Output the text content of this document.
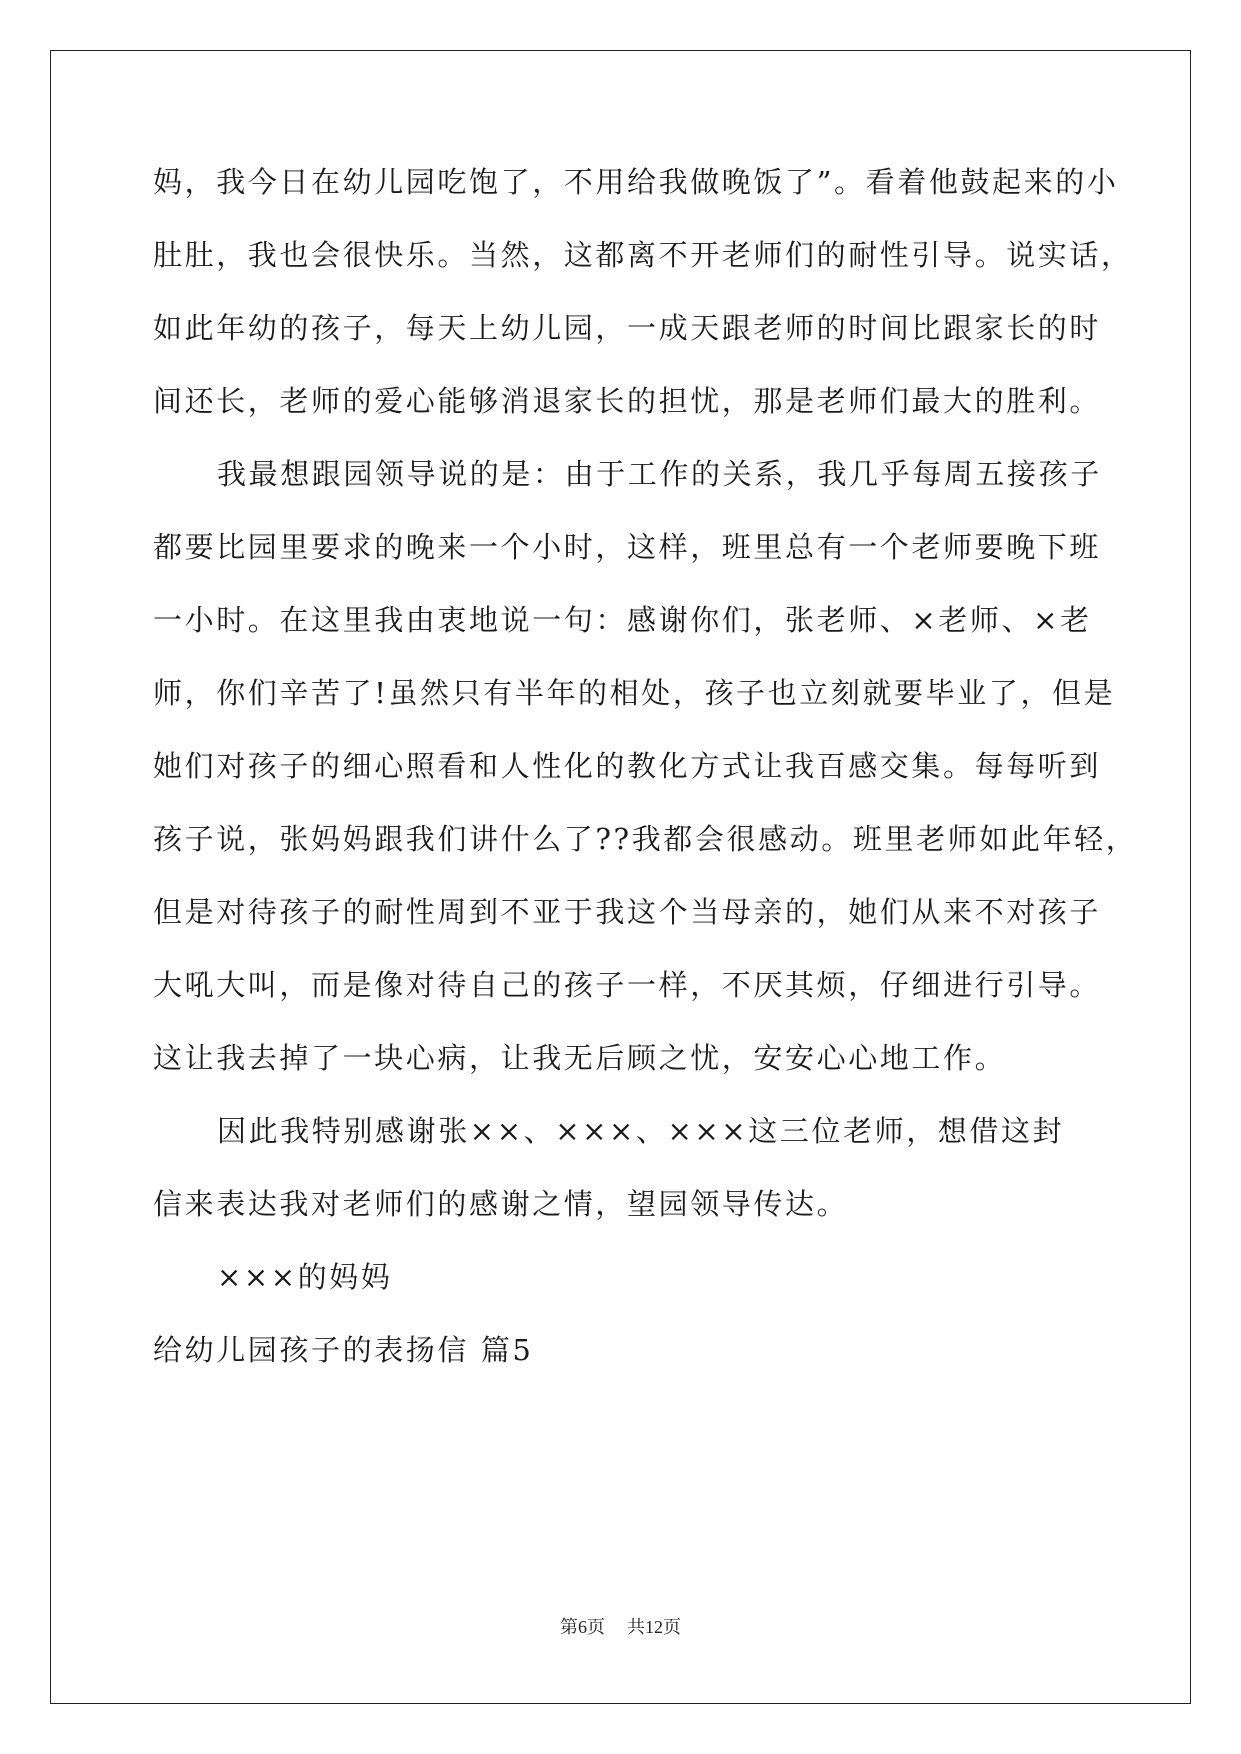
妈，我今日在幼儿园吃饱了，不用给我做晚饭了”。看着他鼓起来的小
肚肚，我也会很快乐。当然，这都离不开老师们的耐性引导。说实话，
如此年幼的孩子，每天上幼儿园，一成天跟老师的时间比跟家长的时
间还长，老师的爱心能够消退家长的担忧，那是老师们最大的胜利。
我最想跟园领导说的是：由于工作的关系，我几乎每周五接孩子
都要比园里要求的晚来一个小时，这样，班里总有一个老师要晚下班
一小时。在这里我由衷地说一句：感谢你们，张老师、×老师、×老
师，你们辛苦了!虽然只有半年的相处，孩子也立刻就要毕业了，但是
她们对孩子的细心照看和人性化的教化方式让我百感交集。每每听到
孩子说，张妈妈跟我们讲什么了??我都会很感动。班里老师如此年轻，
但是对待孩子的耐性周到不亚于我这个当母亲的，她们从来不对孩子
大吼大叫，而是像对待自己的孩子一样，不厌其烦，仔细进行引导。
这让我去掉了一块心病，让我无后顾之忧，安安心心地工作。
因此我特别感谢张××、×××、×××这三位老师，想借这封
信来表达我对老师们的感谢之情，望园领导传达。
×××的妈妈
给幼儿园孩子的表扬信 篇5
第6页 共12页
